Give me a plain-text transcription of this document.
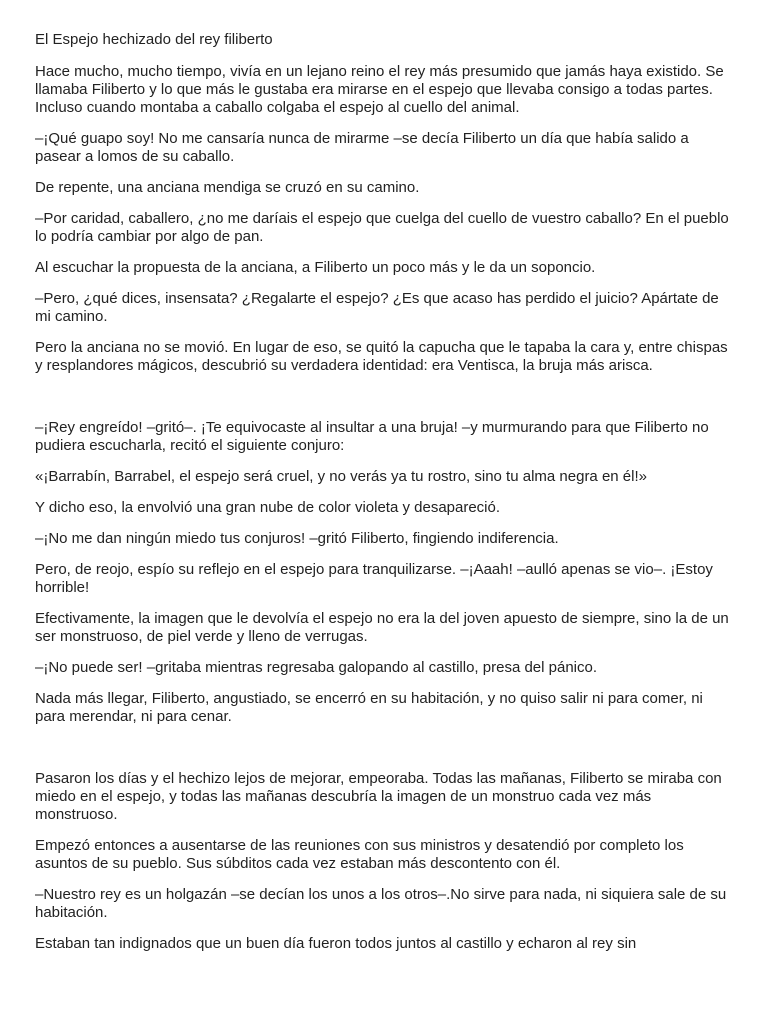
El Espejo hechizado del rey filiberto

Hace mucho, mucho tiempo, vivía en un lejano reino el rey más presumido que jamás haya existido. Se llamaba Filiberto y lo que más le gustaba era mirarse en el espejo que llevaba consigo a todas partes. Incluso cuando montaba a caballo colgaba el espejo al cuello del animal.

–¡Qué guapo soy! No me cansaría nunca de mirarme –se decía Filiberto un día que había salido a pasear a lomos de su caballo.

De repente, una anciana mendiga se cruzó en su camino.

–Por caridad, caballero, ¿no me daríais el espejo que cuelga del cuello de vuestro caballo? En el pueblo lo podría cambiar por algo de pan.

Al escuchar la propuesta de la anciana, a Filiberto un poco más y le da un soponcio.

–Pero, ¿qué dices, insensata? ¿Regalarte el espejo? ¿Es que acaso has perdido el juicio? Apártate de mi camino.

Pero la anciana no se movió. En lugar de eso, se quitó la capucha que le tapaba la cara y, entre chispas y resplandores mágicos, descubrió su verdadera identidad: era Ventisca, la bruja más arisca.

–¡Rey engreído! –gritó–. ¡Te equivocaste al insultar a una bruja! –y murmurando para que Filiberto no pudiera escucharla, recitó el siguiente conjuro:

«¡Barrabín, Barrabel, el espejo será cruel, y no verás ya tu rostro, sino tu alma negra en él!»

Y dicho eso, la envolvió una gran nube de color violeta y desapareció.

–¡No me dan ningún miedo tus conjuros! –gritó Filiberto, fingiendo indiferencia.

Pero, de reojo, espío su reflejo en el espejo para tranquilizarse. –¡Aaah! –aulló apenas se vio–. ¡Estoy horrible!

Efectivamente, la imagen que le devolvía el espejo no era la del joven apuesto de siempre, sino la de un ser monstruoso, de piel verde y lleno de verrugas.

–¡No puede ser! –gritaba mientras regresaba galopando al castillo, presa del pánico.

Nada más llegar, Filiberto, angustiado, se encerró en su habitación, y no quiso salir ni para comer, ni para merendar, ni para cenar.

Pasaron los días y el hechizo lejos de mejorar, empeoraba. Todas las mañanas, Filiberto se miraba con miedo en el espejo, y todas las mañanas descubría la imagen de un monstruo cada vez más monstruoso.

Empezó entonces a ausentarse de las reuniones con sus ministros y desatendió por completo los asuntos de su pueblo. Sus súbditos cada vez estaban más descontento con él.

–Nuestro rey es un holgazán –se decían los unos a los otros–.No sirve para nada, ni siquiera sale de su habitación.

Estaban tan indignados que un buen día fueron todos juntos al castillo y echaron al rey sin
